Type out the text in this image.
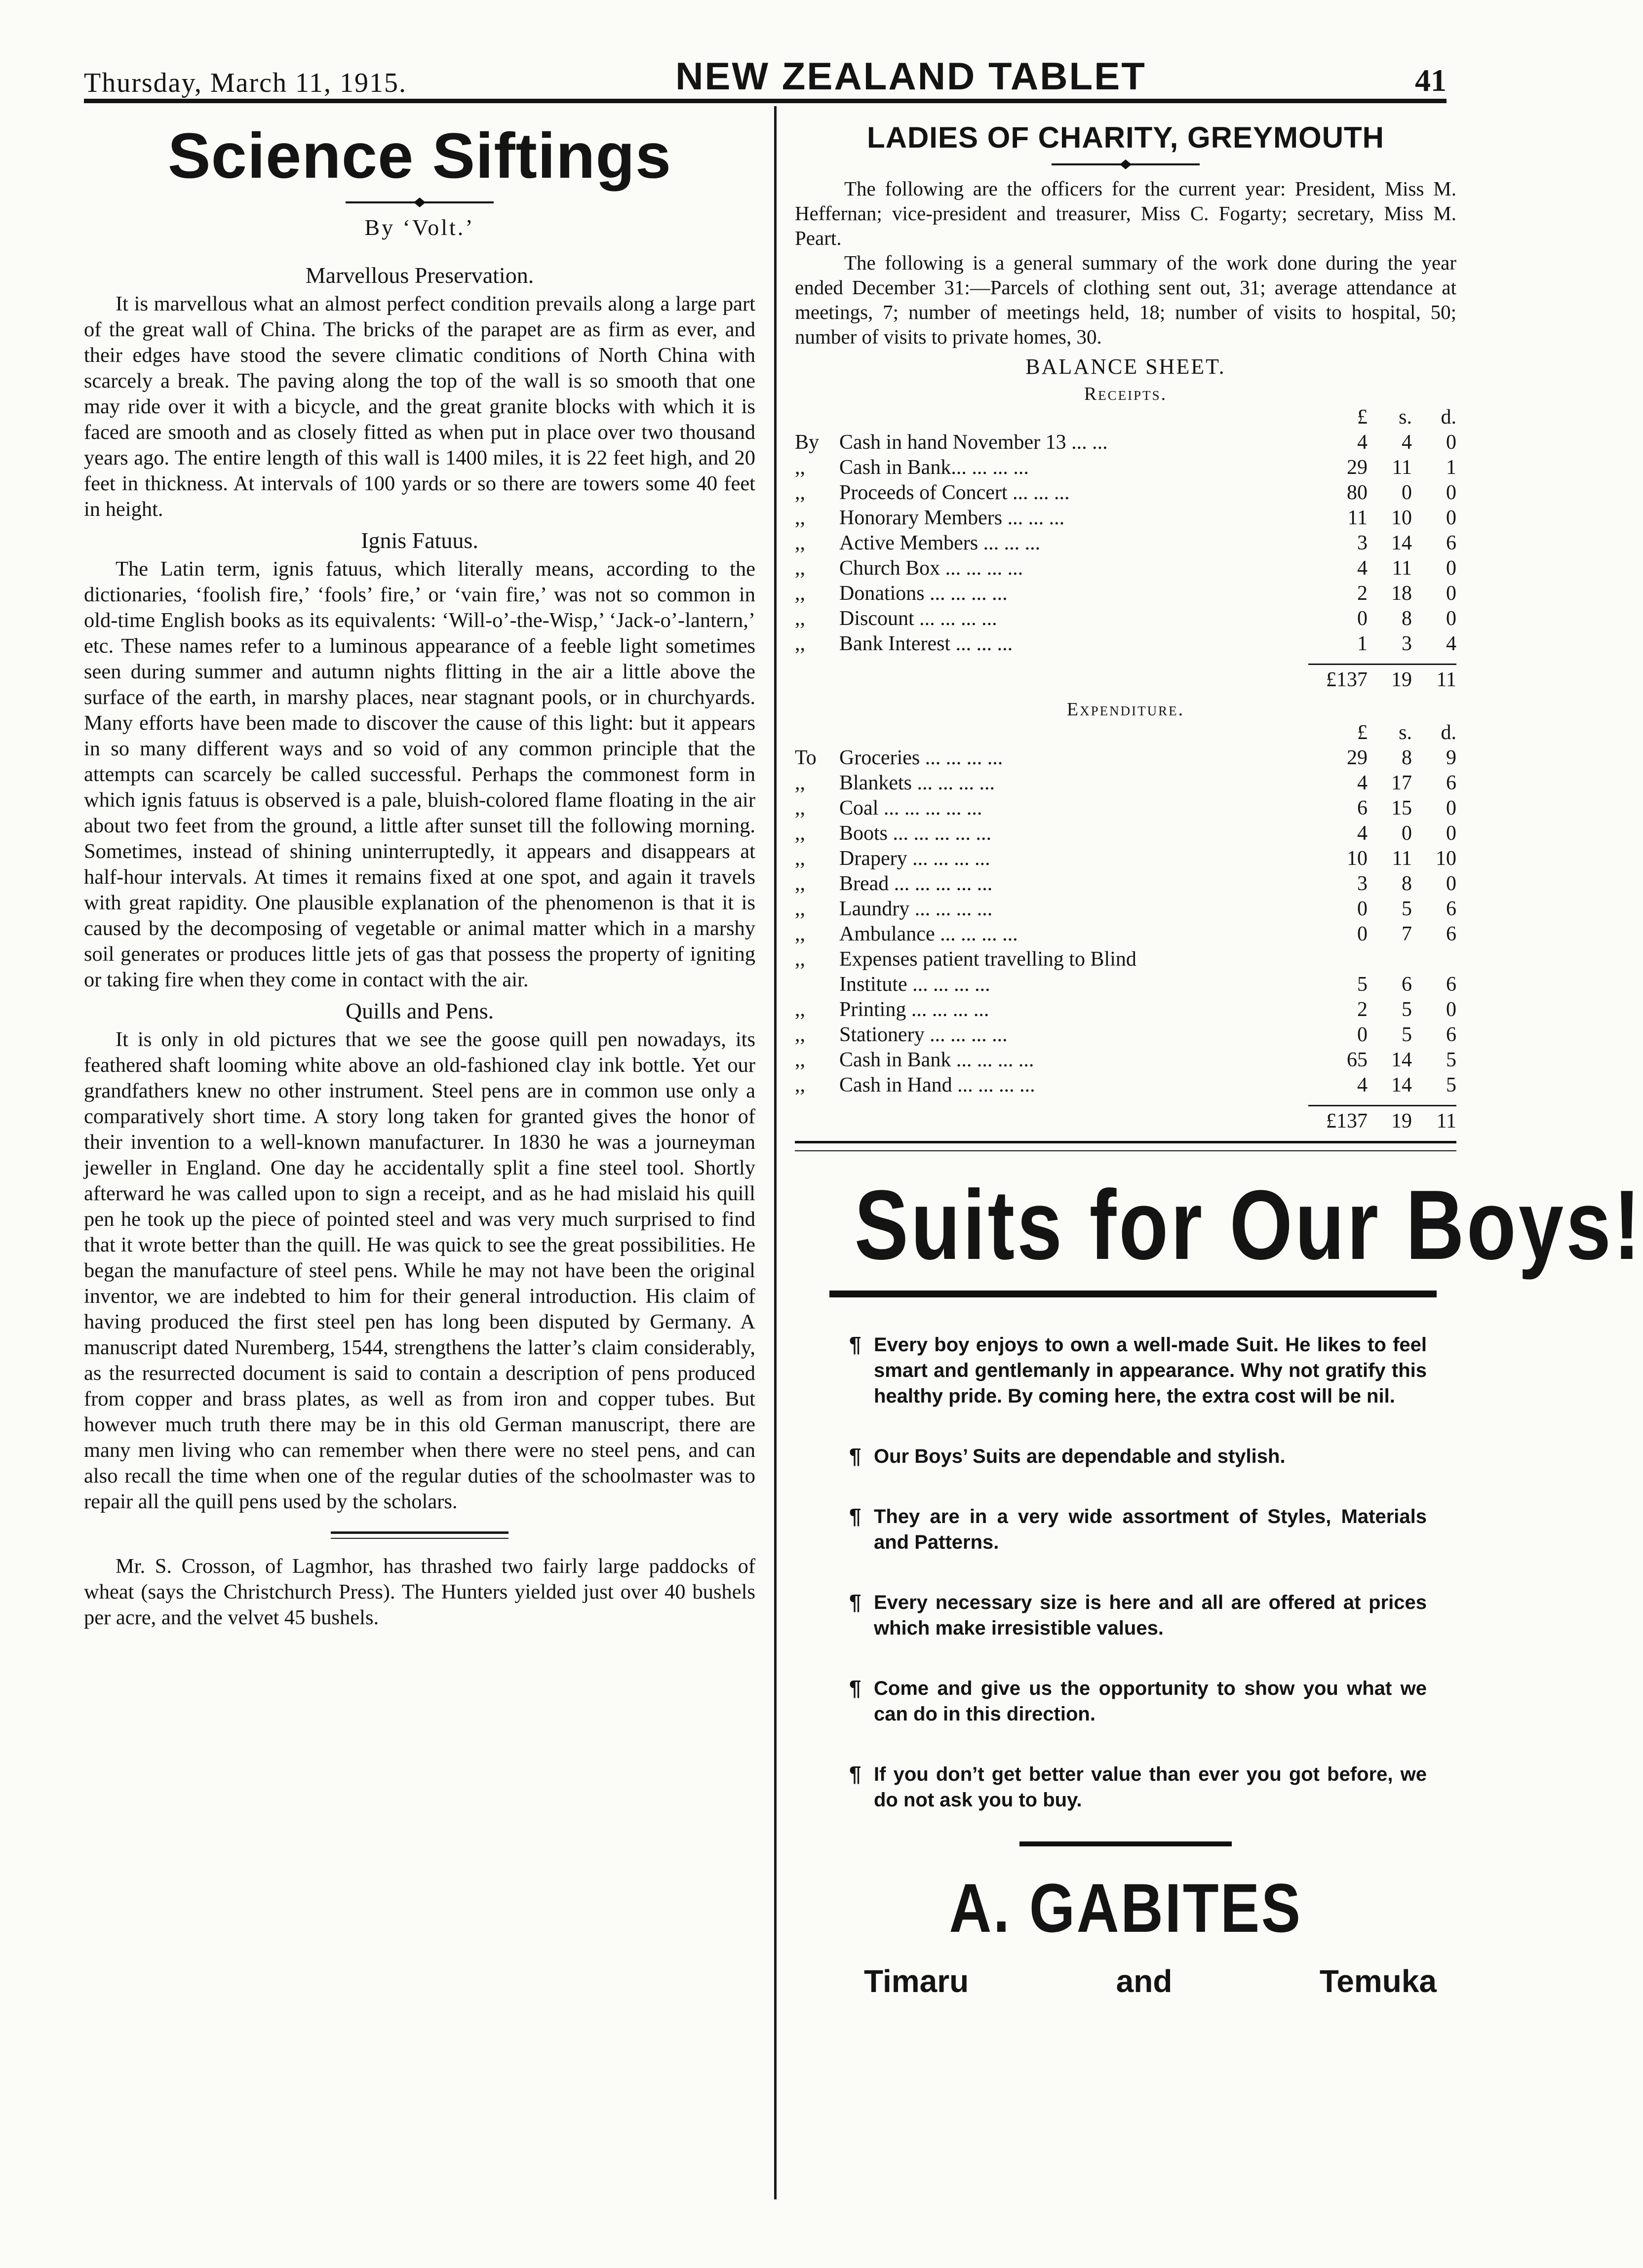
Thursday, March 11, 1915.	NEW ZEALAND TABLET	41
Science Siftings
By ‘Volt.’
Marvellous Preservation.

It is marvellous what an almost perfect condition prevails along a large part of the great wall of China. The bricks of the parapet are as firm as ever, and their edges have stood the severe climatic conditions of North China with scarcely a break. The paving along the top of the wall is so smooth that one may ride over it with a bicycle, and the great granite blocks with which it is faced are smooth and as closely fitted as when put in place over two thousand years ago. The entire length of this wall is 1400 miles, it is 22 feet high, and 20 feet in thickness. At intervals of 100 yards or so there are towers some 40 feet in height.

Ignis Fatuus.

The Latin term, ignis fatuus, which literally means, according to the dictionaries, ‘foolish fire,’ ‘fools’ fire,’ or ‘vain fire,’ was not so common in old-time English books as its equivalents: ‘Will-o’-the-Wisp,’ ‘Jack-o’-lantern,’ etc. These names refer to a luminous appearance of a feeble light sometimes seen during summer and autumn nights flitting in the air a little above the surface of the earth, in marshy places, near stagnant pools, or in churchyards. Many efforts have been made to discover the cause of this light: but it appears in so many different ways and so void of any common principle that the attempts can scarcely be called successful. Perhaps the commonest form in which ignis fatuus is observed is a pale, bluish-colored flame floating in the air about two feet from the ground, a little after sunset till the following morning. Sometimes, instead of shining uninterruptedly, it appears and disappears at half-hour intervals. At times it remains fixed at one spot, and again it travels with great rapidity. One plausible explanation of the phenomenon is that it is caused by the decomposing of vegetable or animal matter which in a marshy soil generates or produces little jets of gas that possess the property of igniting or taking fire when they come in contact with the air.

Quills and Pens.

It is only in old pictures that we see the goose quill pen nowadays, its feathered shaft looming white above an old-fashioned clay ink bottle. Yet our grandfathers knew no other instrument. Steel pens are in common use only a comparatively short time. A story long taken for granted gives the honor of their invention to a well-known manufacturer. In 1830 he was a journeyman jeweller in England. One day he accidentally split a fine steel tool. Shortly afterward he was called upon to sign a receipt, and as he had mislaid his quill pen he took up the piece of pointed steel and was very much surprised to find that it wrote better than the quill. He was quick to see the great possibilities. He began the manufacture of steel pens. While he may not have been the original inventor, we are indebted to him for their general introduction. His claim of having produced the first steel pen has long been disputed by Germany. A manuscript dated Nuremberg, 1544, strengthens the latter’s claim considerably, as the resurrected document is said to contain a description of pens produced from copper and brass plates, as well as from iron and copper tubes. But however much truth there may be in this old German manuscript, there are many men living who can remember when there were no steel pens, and can also recall the time when one of the regular duties of the schoolmaster was to repair all the quill pens used by the scholars.

Mr. S. Crosson, of Lagmhor, has thrashed two fairly large paddocks of wheat (says the Christchurch Press). The Hunters yielded just over 40 bushels per acre, and the velvet 45 bushels.

LADIES OF CHARITY, GREYMOUTH

The following are the officers for the current year: President, Miss M. Heffernan; vice-president and treasurer, Miss C. Fogarty; secretary, Miss M. Peart.

The following is a general summary of the work done during the year ended December 31:—Parcels of clothing sent out, 31; average attendance at meetings, 7; number of meetings held, 18; number of visits to hospital, 50; number of visits to private homes, 30.

BALANCE SHEET.
Receipts.
£	s.	d.
By Cash in hand November 13 ... ...	4	4	0
,,	Cash in Bank... ... ... ...	29	11	1
,,	Proceeds of Concert ... ... ...	80	0	0
,,	Honorary Members ... ... ...	11	10	0
,,	Active Members ... ... ...	3	14	6
,,	Church Box ... ... ... ...	4	11	0
,,	Donations ... ... ... ...	2	18	0
,,	Discount ... ... ... ...	0	8	0
,,	Bank Interest ... ... ...	1	3	4
£137	19	11
Expenditure.
£	s.	d.
To	Groceries ... ... ... ...	29	8	9
,,	Blankets ... ... ... ...	4	17	6
,,	Coal ... ... ... ... ...	6	15	0
,,	Boots ... ... ... ... ...	4	0	0
,,	Drapery ... ... ... ...	10	11	10
,,	Bread ... ... ... ... ...	3	8	0
,,	Laundry ... ... ... ...	0	5	6
,,	Ambulance ... ... ... ...	0	7	6
,,	Expenses patient travelling to Blind
Institute ... ... ... ...	5	6	6
,,	Printing ... ... ... ...	2	5	0
,,	Stationery ... ... ... ...	0	5	6
,,	Cash in Bank ... ... ... ...	65	14	5
,,	Cash in Hand ... ... ... ...	4	14	5
£137	19	11
Suits for Our Boys!
¶ Every boy enjoys to own a well-made Suit. He likes to feel smart and gentlemanly in appearance. Why not gratify this healthy pride. By coming here, the extra cost will be nil.
¶ Our Boys’ Suits are dependable and stylish.
¶ They are in a very wide assortment of Styles, Materials and Patterns.
¶ Every necessary size is here and all are offered at prices which make irresistible values.
¶ Come and give us the opportunity to show you what we can do in this direction.
¶ If you don’t get better value than ever you got before, we do not ask you to buy.
A. GABITES
Timaru	and	Temuka
